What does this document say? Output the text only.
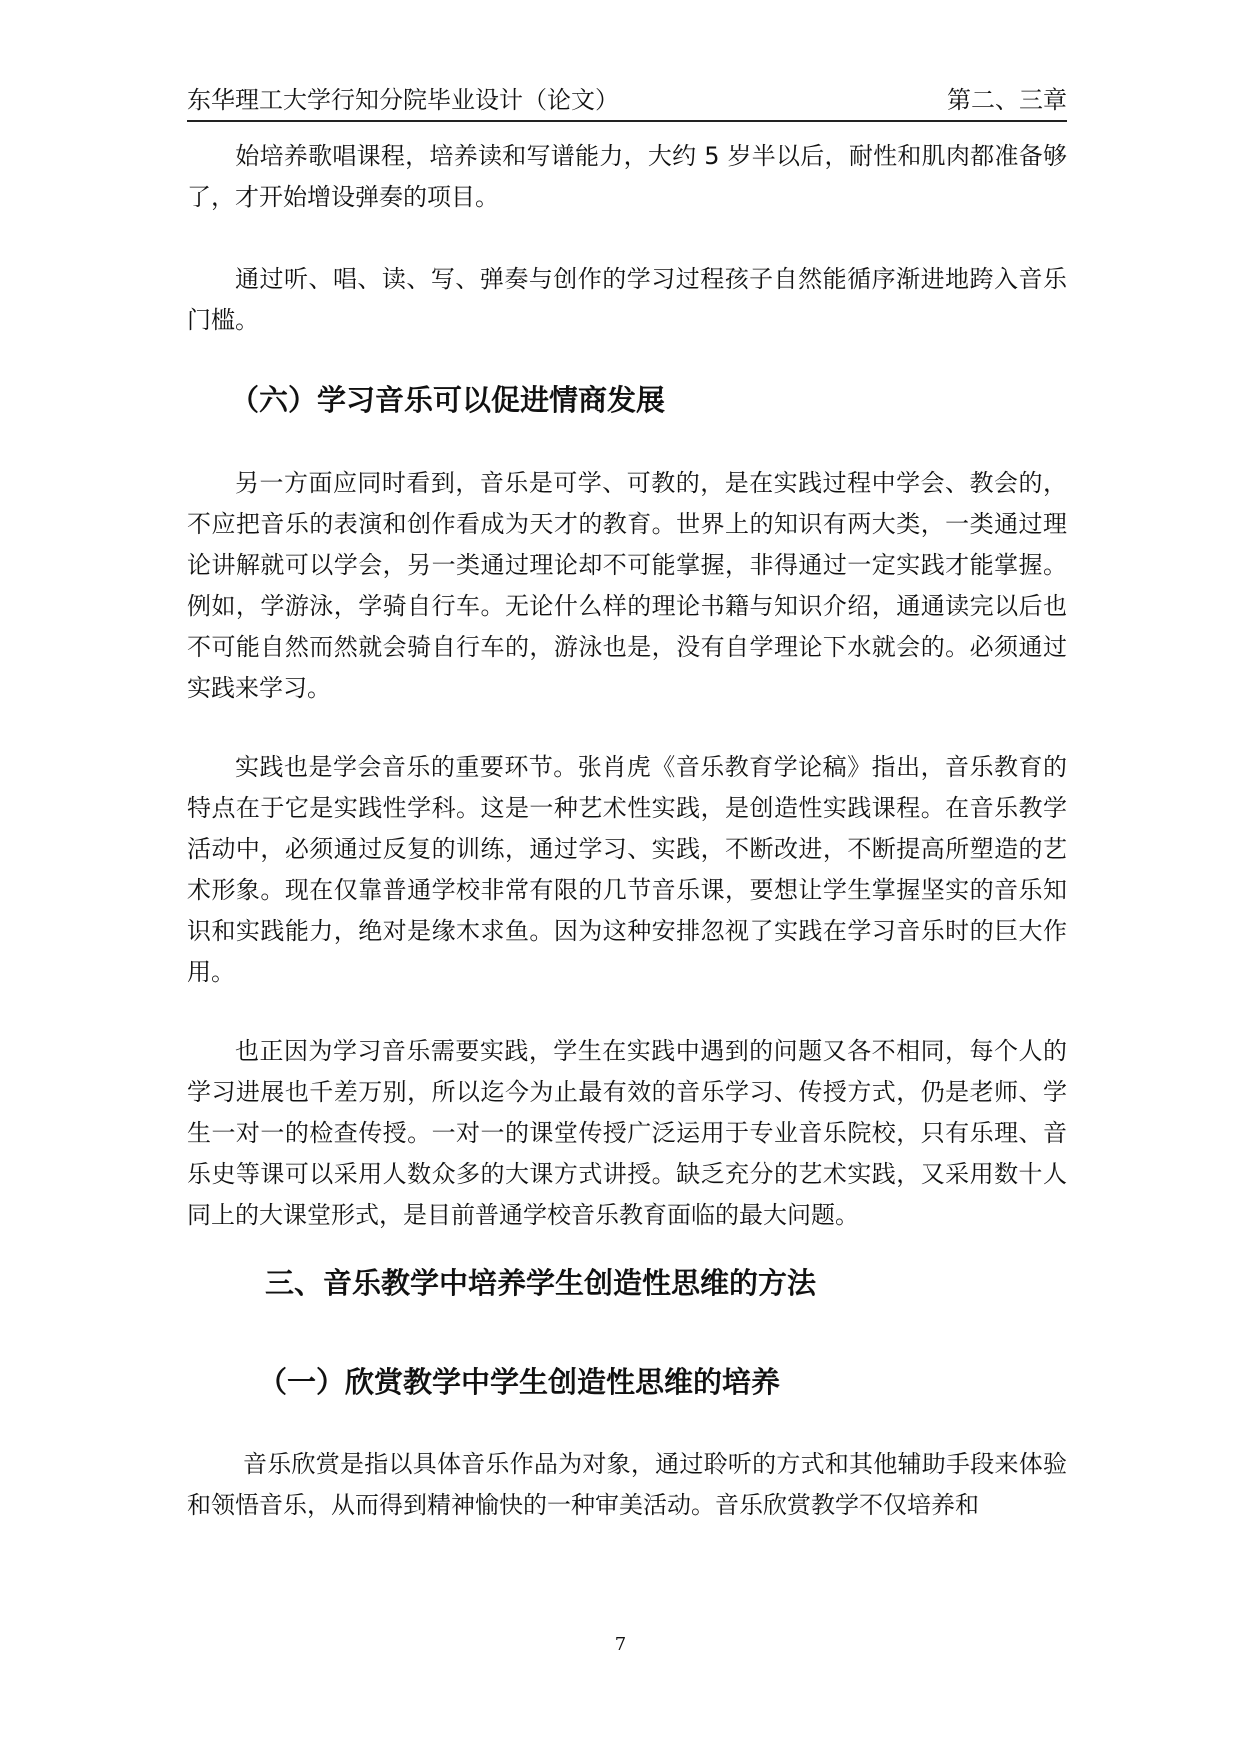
东华理工大学行知分院毕业设计（论文）	第二、三章

始培养歌唱课程，培养读和写谱能力，大约 5 岁半以后，耐性和肌肉都准备够了，才开始增设弹奏的项目。

通过听、唱、读、写、弹奏与创作的学习过程孩子自然能循序渐进地跨入音乐门槛。

（六）学习音乐可以促进情商发展

另一方面应同时看到，音乐是可学、可教的，是在实践过程中学会、教会的，不应把音乐的表演和创作看成为天才的教育。世界上的知识有两大类，一类通过理论讲解就可以学会，另一类通过理论却不可能掌握，非得通过一定实践才能掌握。例如，学游泳，学骑自行车。无论什么样的理论书籍与知识介绍，通通读完以后也不可能自然而然就会骑自行车的，游泳也是，没有自学理论下水就会的。必须通过实践来学习。

实践也是学会音乐的重要环节。张肖虎《音乐教育学论稿》指出，音乐教育的特点在于它是实践性学科。这是一种艺术性实践，是创造性实践课程。在音乐教学活动中，必须通过反复的训练，通过学习、实践，不断改进，不断提高所塑造的艺术形象。现在仅靠普通学校非常有限的几节音乐课，要想让学生掌握坚实的音乐知识和实践能力，绝对是缘木求鱼。因为这种安排忽视了实践在学习音乐时的巨大作用。

也正因为学习音乐需要实践，学生在实践中遇到的问题又各不相同，每个人的学习进展也千差万别，所以迄今为止最有效的音乐学习、传授方式，仍是老师、学生一对一的检查传授。一对一的课堂传授广泛运用于专业音乐院校，只有乐理、音乐史等课可以采用人数众多的大课方式讲授。缺乏充分的艺术实践，又采用数十人同上的大课堂形式，是目前普通学校音乐教育面临的最大问题。

三、音乐教学中培养学生创造性思维的方法
（一）欣赏教学中学生创造性思维的培养

音乐欣赏是指以具体音乐作品为对象，通过聆听的方式和其他辅助手段来体验和领悟音乐，从而得到精神愉快的一种审美活动。音乐欣赏教学不仅培养和

7
